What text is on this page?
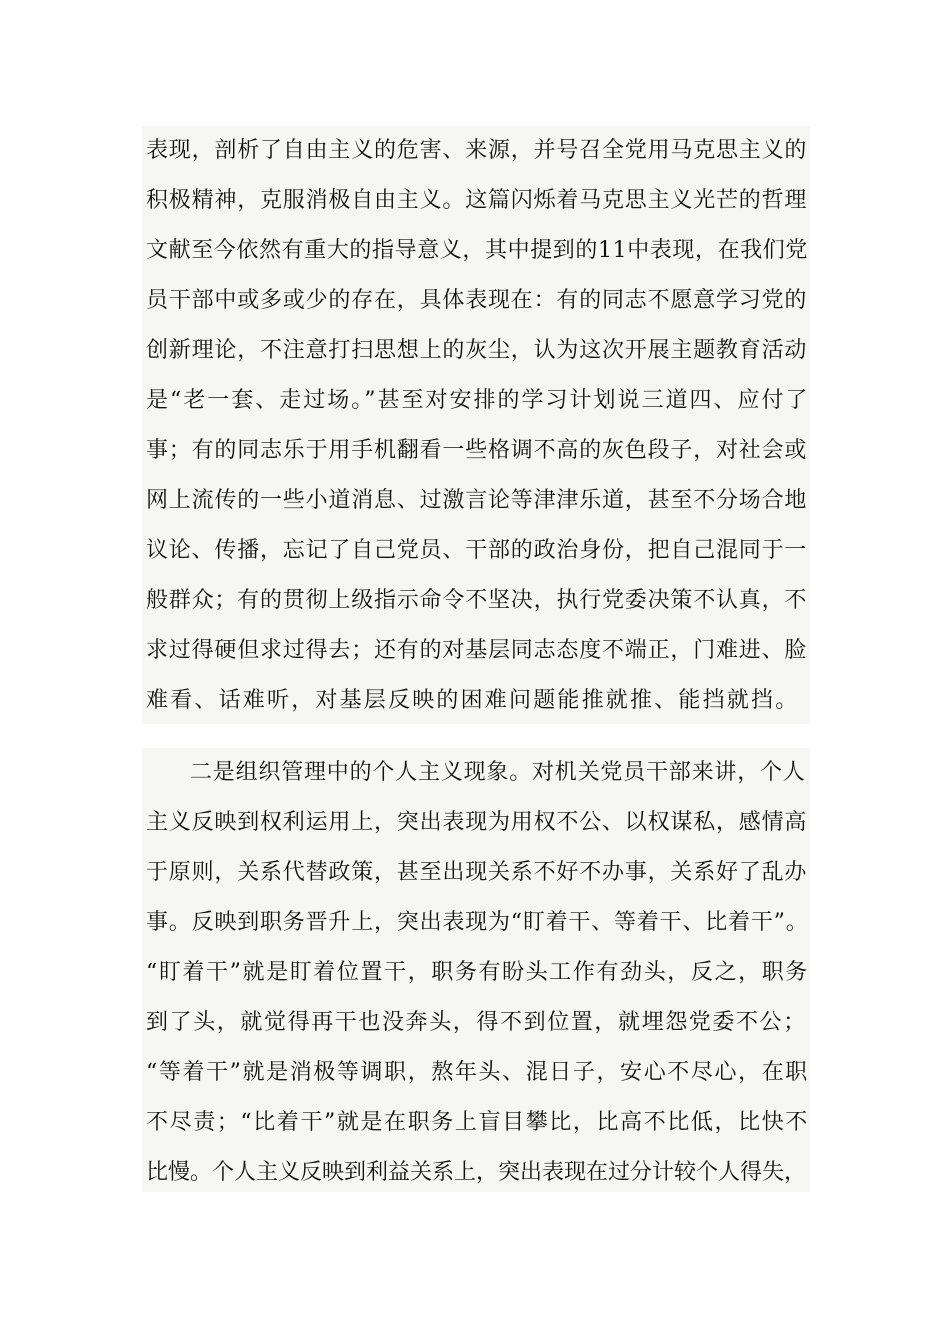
表现，剖析了自由主义的危害、来源，并号召全党用马克思主义的
积极精神，克服消极自由主义。这篇闪烁着马克思主义光芒的哲理
文献至今依然有重大的指导意义，其中提到的11中表现，在我们党
员干部中或多或少的存在，具体表现在：有的同志不愿意学习党的
创新理论，不注意打扫思想上的灰尘，认为这次开展主题教育活动
是“老一套、走过场。”甚至对安排的学习计划说三道四、应付了
事；有的同志乐于用手机翻看一些格调不高的灰色段子，对社会或
网上流传的一些小道消息、过激言论等津津乐道，甚至不分场合地
议论、传播，忘记了自己党员、干部的政治身份，把自己混同于一
般群众；有的贯彻上级指示命令不坚决，执行党委决策不认真，不
求过得硬但求过得去；还有的对基层同志态度不端正，门难进、脸
难看、话难听，对基层反映的困难问题能推就推、能挡就挡。
二是组织管理中的个人主义现象。对机关党员干部来讲，个人
主义反映到权利运用上，突出表现为用权不公、以权谋私，感情高
于原则，关系代替政策，甚至出现关系不好不办事，关系好了乱办
事。反映到职务晋升上，突出表现为“盯着干、等着干、比着干”。
“盯着干”就是盯着位置干，职务有盼头工作有劲头，反之，职务
到了头，就觉得再干也没奔头，得不到位置，就埋怨党委不公；
“等着干”就是消极等调职，熬年头、混日子，安心不尽心，在职
不尽责；“比着干”就是在职务上盲目攀比，比高不比低，比快不
比慢。个人主义反映到利益关系上，突出表现在过分计较个人得失，
